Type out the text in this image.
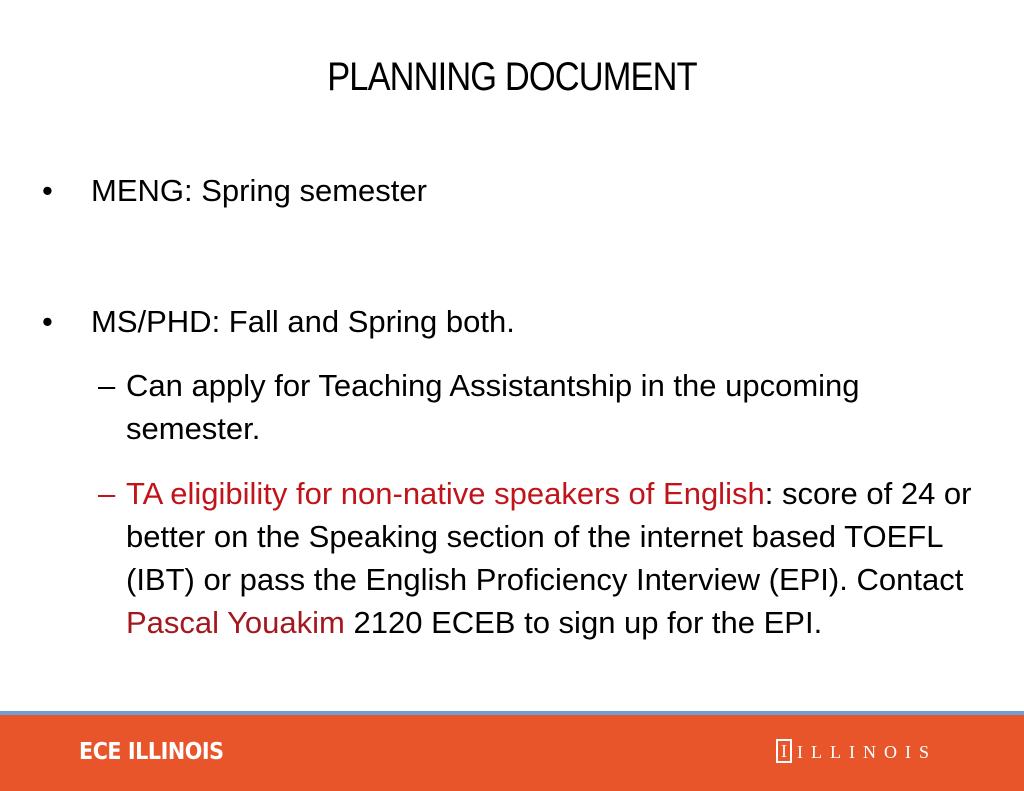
PLANNING DOCUMENT
• MENG: Spring semester
• MS/PHD: Fall and Spring both.
– Can apply for Teaching Assistantship in the upcoming semester.
– TA eligibility for non-native speakers of English: score of 24 or better on the Speaking section of the internet based TOEFL (IBT) or pass the English Proficiency Interview (EPI). Contact Pascal Youakim 2120 ECEB to sign up for the EPI.
ECE ILLINOIS	I ILLINOIS
